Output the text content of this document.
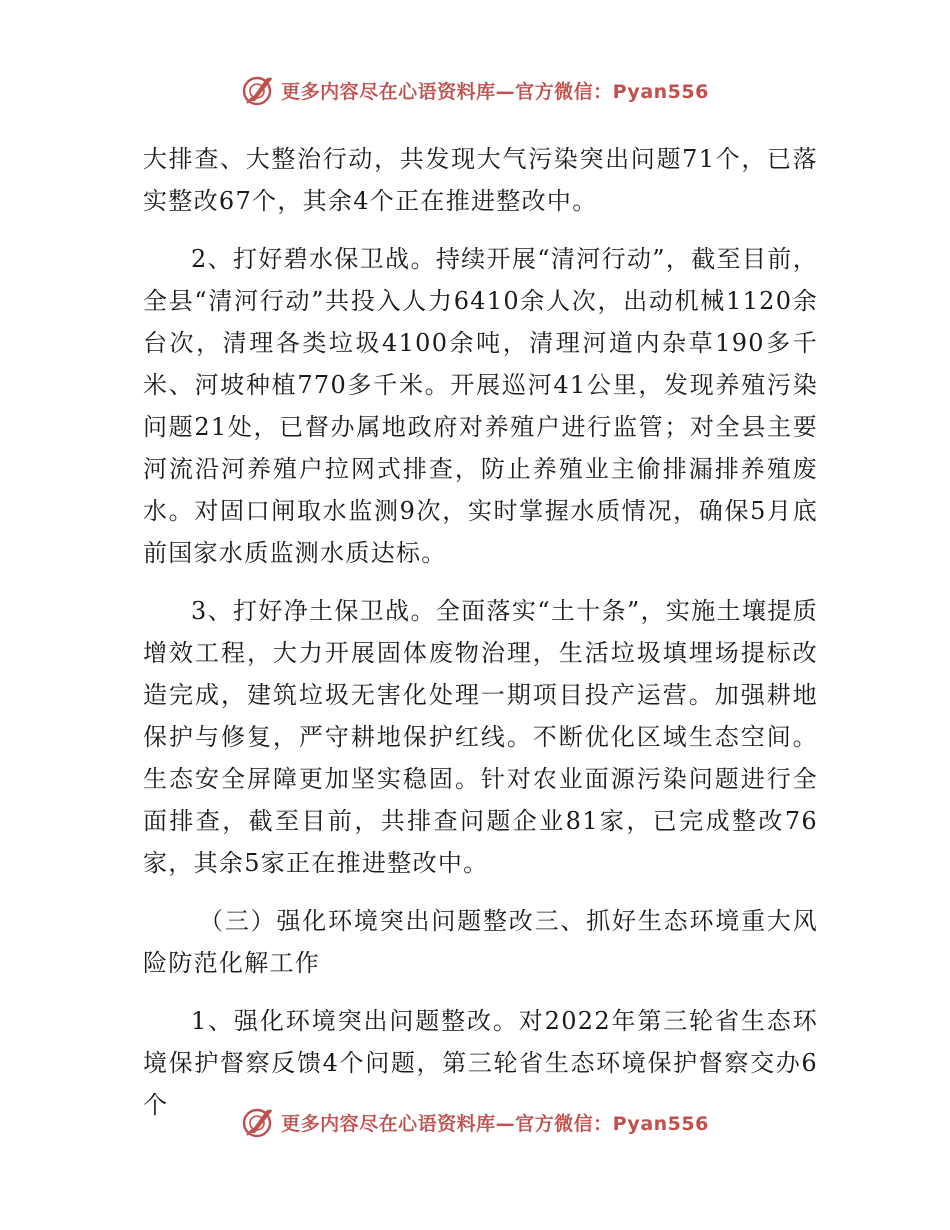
更多内容尽在心语资料库—官方微信：Pyan556

大排查、大整治行动，共发现大气污染突出问题71个，已落实整改67个，其余4个正在推进整改中。

2、打好碧水保卫战。持续开展“清河行动”，截至目前，全县“清河行动”共投入人力6410余人次，出动机械1120余台次，清理各类垃圾4100余吨，清理河道内杂草190多千米、河坡种植770多千米。开展巡河41公里，发现养殖污染问题21处，已督办属地政府对养殖户进行监管；对全县主要河流沿河养殖户拉网式排查，防止养殖业主偷排漏排养殖废水。对固口闸取水监测9次，实时掌握水质情况，确保5月底前国家水质监测水质达标。

3、打好净土保卫战。全面落实“土十条”，实施土壤提质增效工程，大力开展固体废物治理，生活垃圾填埋场提标改造完成，建筑垃圾无害化处理一期项目投产运营。加强耕地保护与修复，严守耕地保护红线。不断优化区域生态空间。生态安全屏障更加坚实稳固。针对农业面源污染问题进行全面排查，截至目前，共排查问题企业81家，已完成整改76家，其余5家正在推进整改中。

（三）强化环境突出问题整改三、抓好生态环境重大风险防范化解工作

1、强化环境突出问题整改。对2022年第三轮省生态环境保护督察反馈4个问题，第三轮省生态环境保护督察交办6个

更多内容尽在心语资料库—官方微信：Pyan556
